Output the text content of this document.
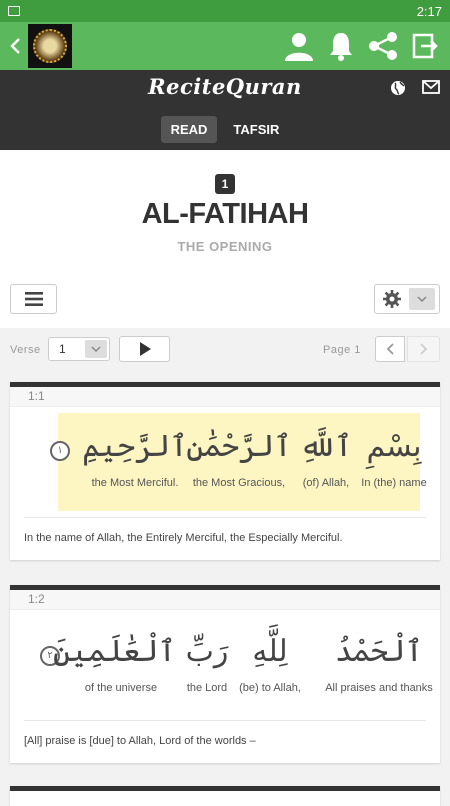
2:17
ReciteQuran
READ	TAFSIR
1
AL-FATIHAH
THE OPENING
Verse 1	Page 1
1:1
١	بِسْمِ
In (the) name
ٱللَّهِ
(of) Allah,
ٱلرَّحْمَٰنِ
the Most Gracious,
ٱلرَّحِيمِ
the Most Merciful.
In the name of Allah, the Entirely Merciful, the Especially Merciful.
1:2
٢	ٱلْحَمْدُ
All praises and thanks
لِلَّهِ
(be) to Allah,
رَبِّ
the Lord
ٱلْعَٰلَمِينَ
of the universe
[All] praise is [due] to Allah, Lord of the worlds –
